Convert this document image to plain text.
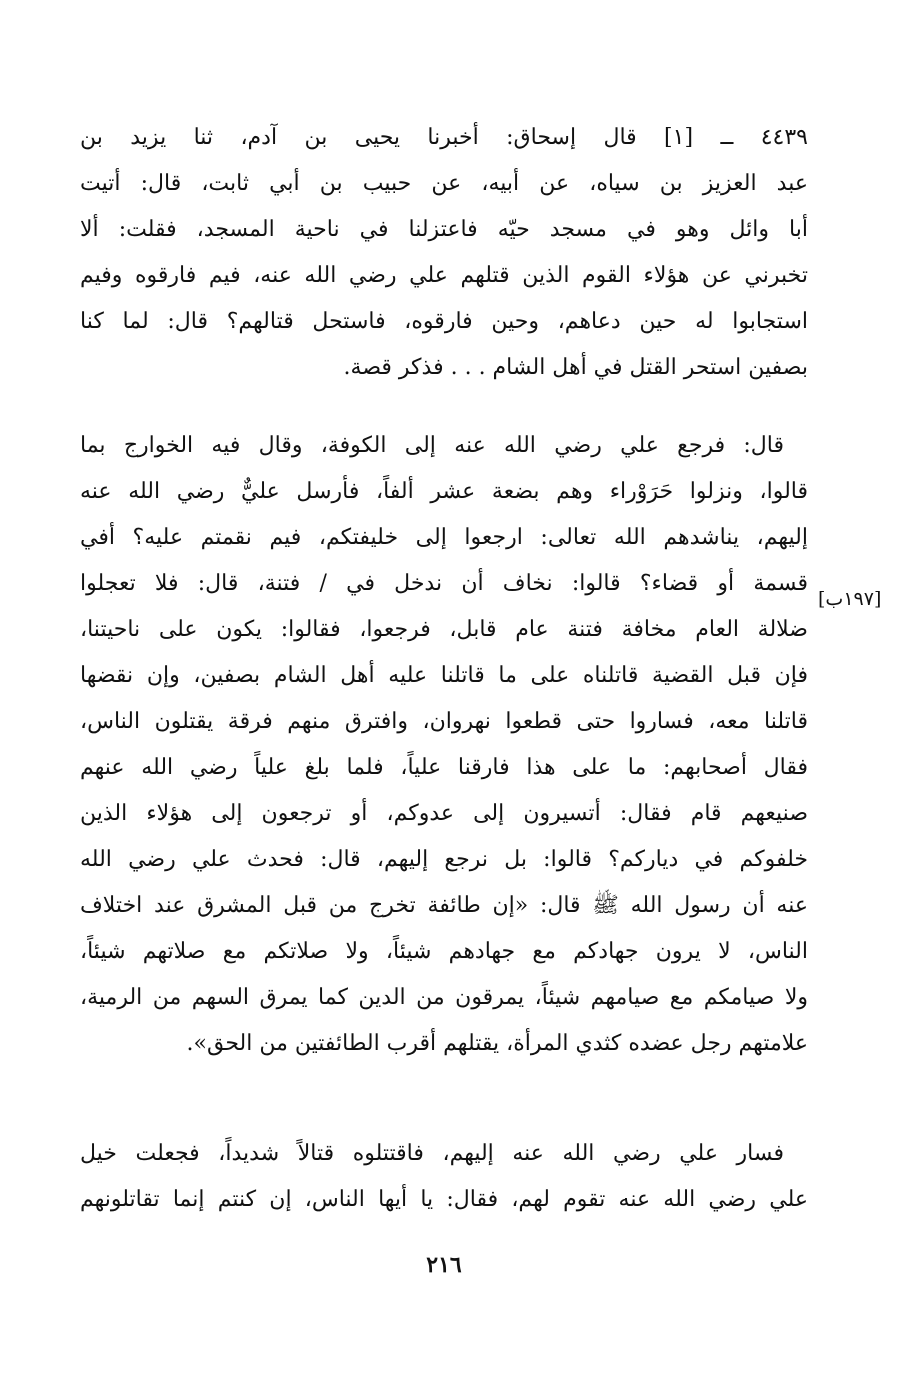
٤٤٣٩ ــ [١] قال إسحاق: أخبرنا يحيى بن آدم، ثنا يزيد بن
عبد العزيز بن سياه، عن أبيه، عن حبيب بن أبي ثابت، قال: أتيت
أبا وائل وهو في مسجد حيّه فاعتزلنا في ناحية المسجد، فقلت: ألا
تخبرني عن هؤلاء القوم الذين قتلهم علي رضي الله عنه، فيم فارقوه وفيم
استجابوا له حين دعاهم، وحين فارقوه، فاستحل قتالهم؟ قال: لما كنا
بصفين استحر القتل في أهل الشام . . . فذكر قصة.
قال: فرجع علي رضي الله عنه إلى الكوفة، وقال فيه الخوارج بما
قالوا، ونزلوا حَرَوْراء وهم بضعة عشر ألفاً، فأرسل عليٌّ رضي الله عنه
إليهم، يناشدهم الله تعالى: ارجعوا إلى خليفتكم، فيم نقمتم عليه؟ أفي
قسمة أو قضاء؟ قالوا: نخاف أن ندخل في / فتنة، قال: فلا تعجلوا
ضلالة العام مخافة فتنة عام قابل، فرجعوا، فقالوا: يكون على ناحيتنا،
فإن قبل القضية قاتلناه على ما قاتلنا عليه أهل الشام بصفين، وإن نقضها
قاتلنا معه، فساروا حتى قطعوا نهروان، وافترق منهم فرقة يقتلون الناس،
فقال أصحابهم: ما على هذا فارقنا علياً، فلما بلغ علياً رضي الله عنهم
صنيعهم قام فقال: أتسيرون إلى عدوكم، أو ترجعون إلى هؤلاء الذين
خلفوكم في دياركم؟ قالوا: بل نرجع إليهم، قال: فحدث علي رضي الله
عنه أن رسول الله ﷺ قال: «إن طائفة تخرج من قبل المشرق عند اختلاف
الناس، لا يرون جهادكم مع جهادهم شيئاً، ولا صلاتكم مع صلاتهم شيئاً،
ولا صيامكم مع صيامهم شيئاً، يمرقون من الدين كما يمرق السهم من الرمية،
علامتهم رجل عضده كثدي المرأة، يقتلهم أقرب الطائفتين من الحق».
[١٩٧ب]
فسار علي رضي الله عنه إليهم، فاقتتلوه قتالاً شديداً، فجعلت خيل
علي رضي الله عنه تقوم لهم، فقال: يا أيها الناس، إن كنتم إنما تقاتلونهم
٢١٦
